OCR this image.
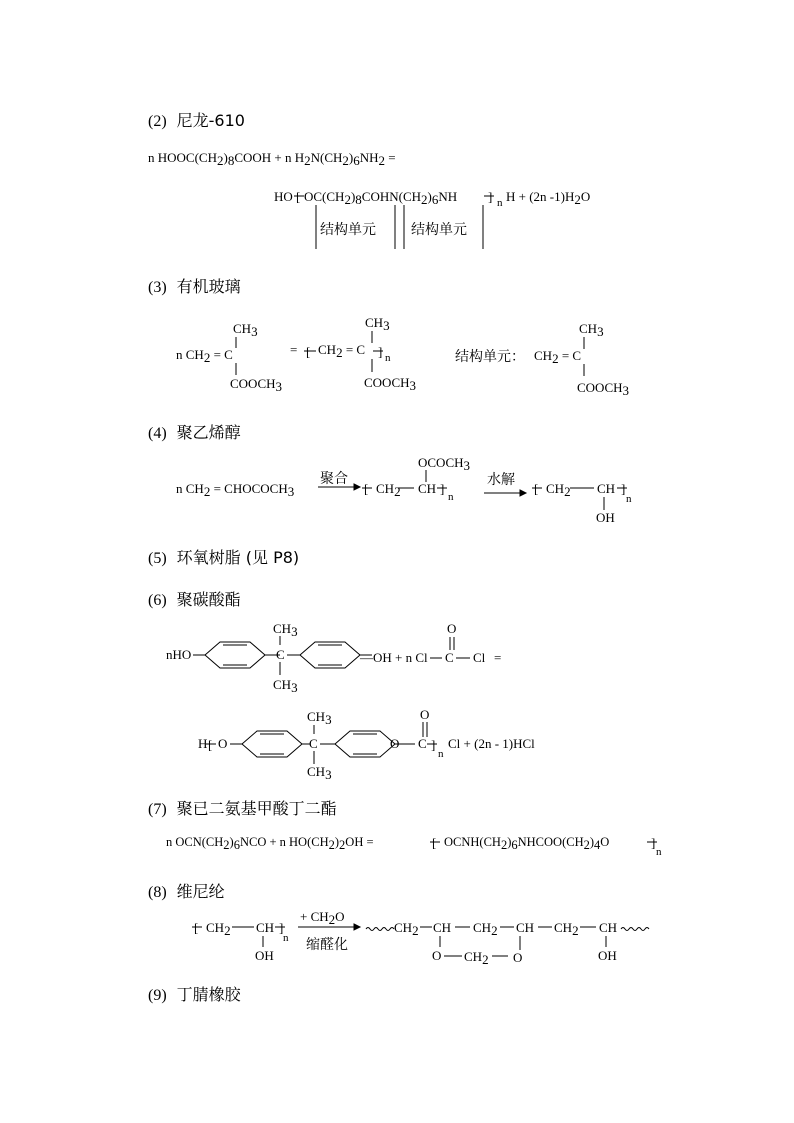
(2) 尼龙-610
(3) 有机玻璃
(4) 聚乙烯醇
(5) 环氧树脂 (见 P8)
(6) 聚碳酸酯
(7) 聚已二氨基甲酸丁二酯
(8) 维尼纶
(9) 丁腈橡胶
n HOOC(CH2)8COOH + n H2N(CH2)6NH2 =
HO [ OC(CH2)8COHN(CH2)6NH ] n H + (2n -1)H2O
结构单元	结构单元
n CH2 = C
CH3
COOCH3
= [ CH2 = C ] n
CH3
COOCH3
结构单元： CH2 = C
CH3
COOCH3
n CH2 = CHOCOCH3
聚合
[ CH2 CH ]
n
OCOCH3
水解
[ CH2 CH ]
n
OH
nHO	C
CH3
CH3
—OH + n Cl C
O
Cl =
H [ O	C
CH3
CH3
O C
O
]
n
Cl + (2n - 1)HCl
n OCN(CH2)6NCO + n HO(CH2)2OH =	[ OCNH(CH2)6NHCOO(CH2)4O	]
n
[ CH2 CH ]
n
OH
+ CH2O
缩醛化
CH2 CH CH2 CH CH2 CH
O CH2 O	OH
